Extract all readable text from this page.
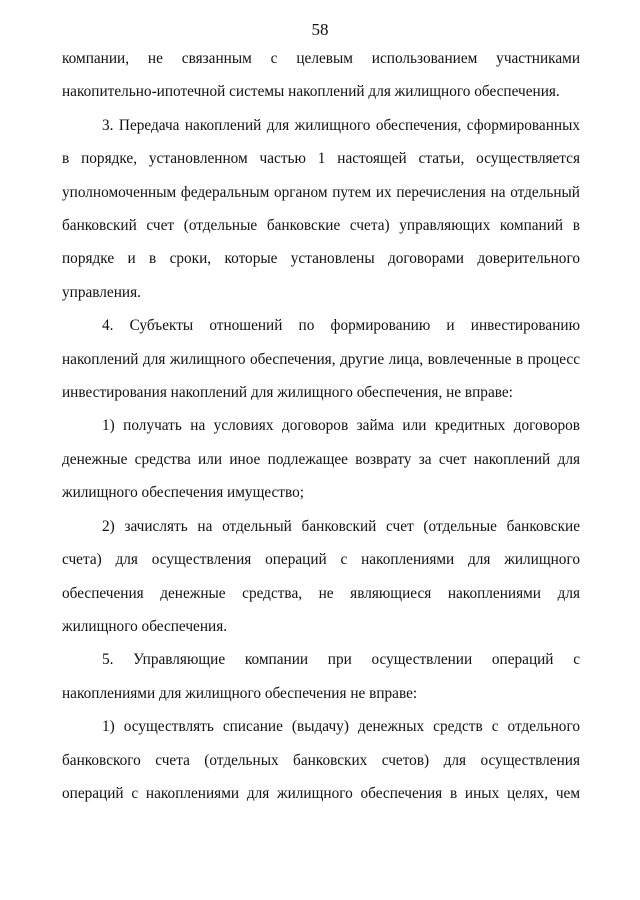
58

компании, не связанным с целевым использованием участниками накопительно-ипотечной системы накоплений для жилищного обеспечения.

3. Передача накоплений для жилищного обеспечения, сформированных в порядке, установленном частью 1 настоящей статьи, осуществляется уполномоченным федеральным органом путем их перечисления на отдельный банковский счет (отдельные банковские счета) управляющих компаний в порядке и в сроки, которые установлены договорами доверительного управления.

4. Субъекты отношений по формированию и инвестированию накоплений для жилищного обеспечения, другие лица, вовлеченные в процесс инвестирования накоплений для жилищного обеспечения, не вправе:

1) получать на условиях договоров займа или кредитных договоров денежные средства или иное подлежащее возврату за счет накоплений для жилищного обеспечения имущество;

2) зачислять на отдельный банковский счет (отдельные банковские счета) для осуществления операций с накоплениями для жилищного обеспечения денежные средства, не являющиеся накоплениями для жилищного обеспечения.

5. Управляющие компании при осуществлении операций с накоплениями для жилищного обеспечения не вправе:

1) осуществлять списание (выдачу) денежных средств с отдельного банковского счета (отдельных банковских счетов) для осуществления операций с накоплениями для жилищного обеспечения в иных целях, чем
